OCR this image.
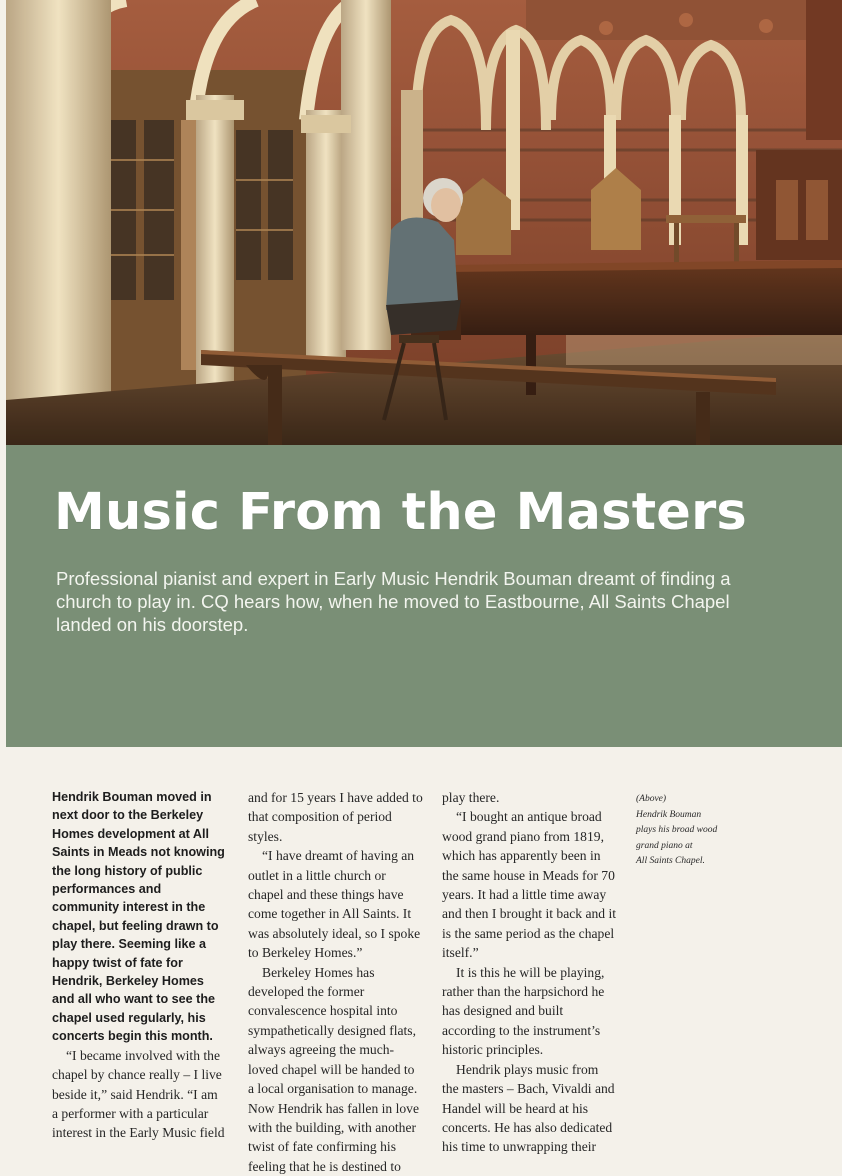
Music From the Masters

Professional pianist and expert in Early Music Hendrik Bouman dreamt of finding a church to play in. CQ hears how, when he moved to Eastbourne, All Saints Chapel landed on his doorstep.

Hendrik Bouman moved in next door to the Berkeley Homes development at All Saints in Meads not knowing the long history of public performances and community interest in the chapel, but feeling drawn to play there. Seeming like a happy twist of fate for Hendrik, Berkeley Homes and all who want to see the chapel used regularly, his concerts begin this month.

“I became involved with the chapel by chance really – I live beside it,” said Hendrik. “I am a performer with a particular interest in the Early Music field

and for 15 years I have added to that composition of period styles.

“I have dreamt of having an outlet in a little church or chapel and these things have come together in All Saints. It was absolutely ideal, so I spoke to Berkeley Homes.”

Berkeley Homes has developed the former convalescence hospital into sympathetically designed flats, always agreeing the much-loved chapel will be handed to a local organisation to manage. Now Hendrik has fallen in love with the building, with another twist of fate confirming his feeling that he is destined to

play there.

“I bought an antique broad wood grand piano from 1819, which has apparently been in the same house in Meads for 70 years. It had a little time away and then I brought it back and it is the same period as the chapel itself.”

It is this he will be playing, rather than the harpsichord he has designed and built according to the instrument’s historic principles.

Hendrik plays music from the masters – Bach, Vivaldi and Handel will be heard at his concerts. He has also dedicated his time to unwrapping their

(Above)

Hendrik Bouman

plays his broad wood

grand piano at

All Saints Chapel.
